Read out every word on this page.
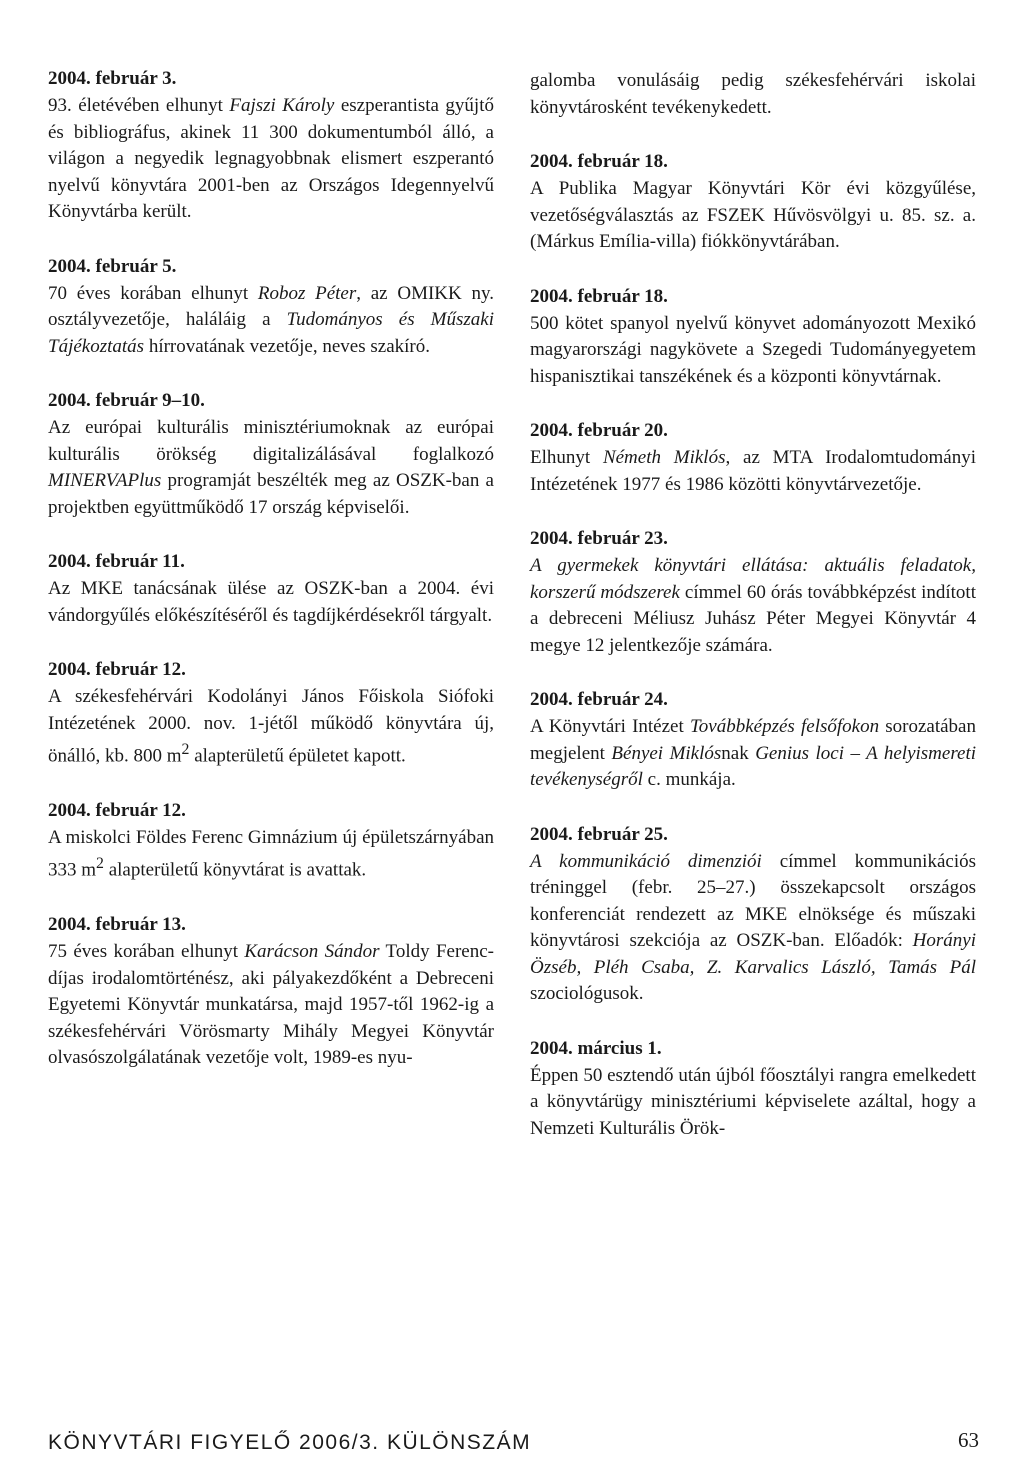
2004. február 3.

93. életévében elhunyt Fajszi Károly eszperantista gyűjtő és bibliográfus, akinek 11 300 dokumentumból álló, a világon a negyedik legnagyobbnak elismert eszperantó nyelvű könyvtára 2001-ben az Országos Idegennyelvű Könyvtárba került.

2004. február 5.

70 éves korában elhunyt Roboz Péter, az OMIKK ny. osztályvezetője, haláláig a Tudományos és Műszaki Tájékoztatás hírrovatának vezetője, neves szakíró.

2004. február 9–10.

Az európai kulturális minisztériumoknak az európai kulturális örökség digitalizálásával foglalkozó MINERVAPlus programját beszélték meg az OSZK-ban a projektben együttműködő 17 ország képviselői.

2004. február 11.

Az MKE tanácsának ülése az OSZK-ban a 2004. évi vándorgyűlés előkészítéséről és tagdíjkérdésekről tárgyalt.

2004. február 12.

A székesfehérvári Kodolányi János Főiskola Siófoki Intézetének 2000. nov. 1-jétől működő könyvtára új, önálló, kb. 800 $m^2$ alapterületű épületet kapott.

2004. február 12.

A miskolci Földes Ferenc Gimnázium új épületszárnyában 333 $m^2$ alapterületű könyvtárat is avattak.

2004. február 13.

75 éves korában elhunyt Karácson Sándor Toldy Ferenc-díjas irodalomtörténész, aki pályakezdőként a Debreceni Egyetemi Könyvtár munkatársa, majd 1957-től 1962-ig a székesfehérvári Vörösmarty Mihály Megyei Könyvtár olvasószolgálatának vezetője volt, 1989-es nyu-

galomba vonulásáig pedig székesfehérvári iskolai könyvtárosként tevékenykedett.

2004. február 18.

A Publika Magyar Könyvtári Kör évi közgyűlése, vezetőségválasztás az FSZEK Hűvösvölgyi u. 85. sz. a. (Márkus Emília-villa) fiókkönyvtárában.

2004. február 18.

500 kötet spanyol nyelvű könyvet adományozott Mexikó magyarországi nagykövete a Szegedi Tudományegyetem hispanisztikai tanszékének és a központi könyvtárnak.

2004. február 20.

Elhunyt Németh Miklós, az MTA Irodalomtudományi Intézetének 1977 és 1986 közötti könyvtárvezetője.

2004. február 23.

A gyermekek könyvtári ellátása: aktuális feladatok, korszerű módszerek címmel 60 órás továbbképzést indított a debreceni Méliusz Juhász Péter Megyei Könyvtár 4 megye 12 jelentkezője számára.

2004. február 24.

A Könyvtári Intézet Továbbképzés felsőfokon sorozatában megjelent Bényei Miklósnak Genius loci – A helyismereti tevékenységről c. munkája.

2004. február 25.

A kommunikáció dimenziói címmel kommunikációs tréninggel (febr. 25–27.) összekapcsolt országos konferenciát rendezett az MKE elnöksége és műszaki könyvtárosi szekciója az OSZK-ban. Előadók: Horányi Özséb, Pléh Csaba, Z. Karvalics László, Tamás Pál szociológusok.

2004. március 1.

Éppen 50 esztendő után újból főosztályi rangra emelkedett a könyvtárügy minisztériumi képviselete azáltal, hogy a Nemzeti Kulturális Örök-

KÖNYVTÁRI FIGYELŐ 2006/3. KÜLÖNSZÁM	63
